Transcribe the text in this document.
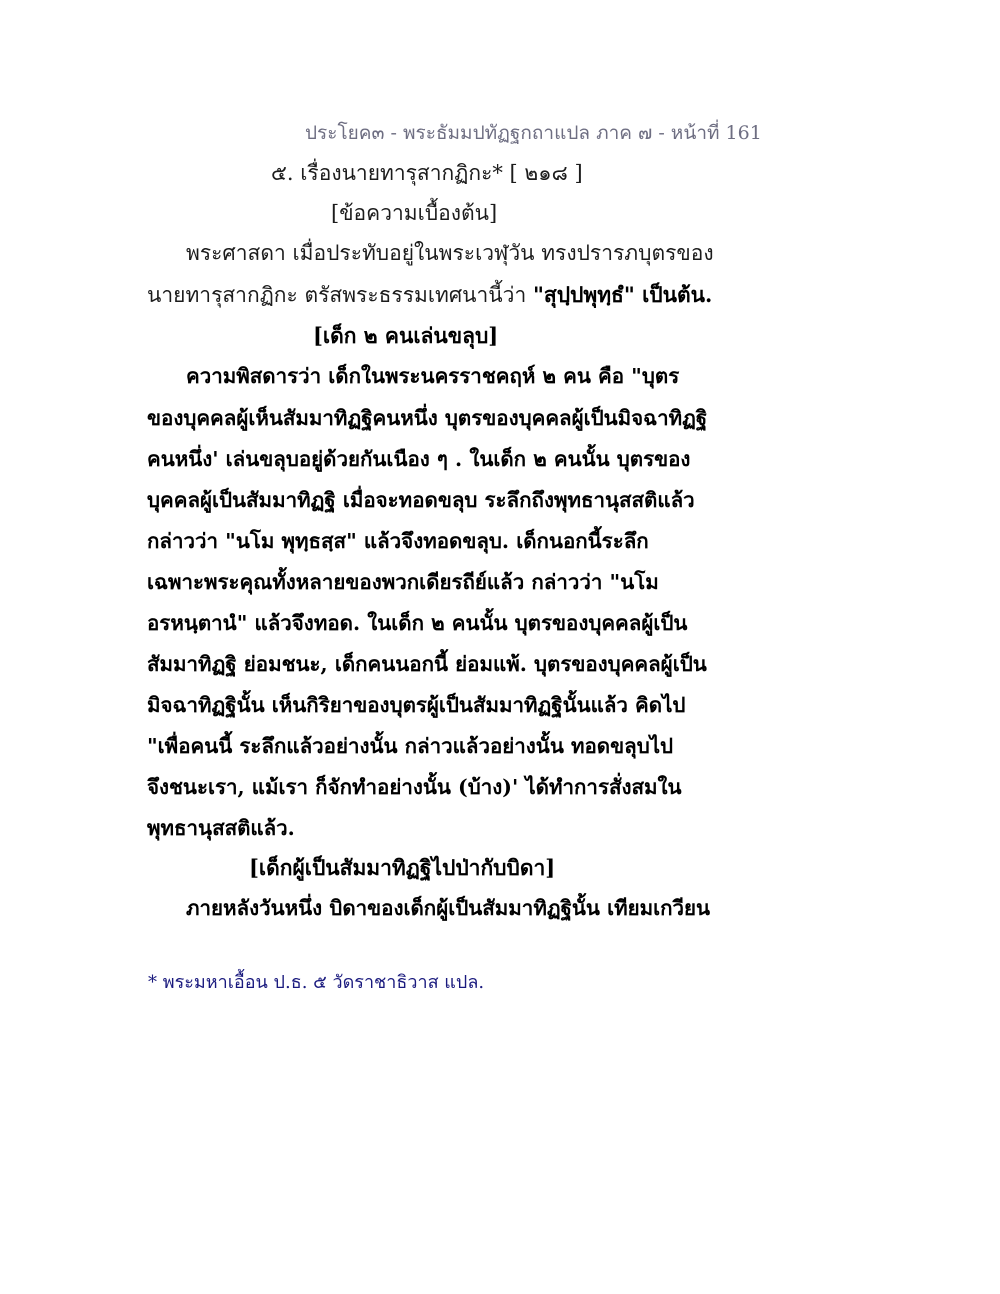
ประโยค๓ - พระธัมมปทัฏฐกถาแปล ภาค ๗ - หน้าที่ 161
๕. เรื่องนายทารุสากฏิกะ* [ ๒๑๘ ]
[ข้อความเบื้องต้น]
พระศาสดา เมื่อประทับอยู่ในพระเวฬุวัน ทรงปรารภบุตรของ
นายทารุสากฏิกะ ตรัสพระธรรมเทศนานี้ว่า "สุปฺปพุทฺธํ" เป็นต้น.
[เด็ก ๒ คนเล่นขลุบ]
ความพิสดารว่า เด็กในพระนครราชคฤห์ ๒ คน คือ "บุตร
ของบุคคลผู้เห็นสัมมาทิฏฐิคนหนึ่ง บุตรของบุคคลผู้เป็นมิจฉาทิฏฐิ
คนหนึ่ง' เล่นขลุบอยู่ด้วยกันเนือง ๆ . ในเด็ก ๒ คนนั้น บุตรของ
บุคคลผู้เป็นสัมมาทิฏฐิ เมื่อจะทอดขลุบ ระลึกถึงพุทธานุสสติแล้ว
กล่าวว่า "นโม พุทฺธสฺส" แล้วจึงทอดขลุบ. เด็กนอกนี้ระลึก
เฉพาะพระคุณทั้งหลายของพวกเดียรถีย์แล้ว กล่าวว่า "นโม
อรหนฺตานํ" แล้วจึงทอด. ในเด็ก ๒ คนนั้น บุตรของบุคคลผู้เป็น
สัมมาทิฏฐิ ย่อมชนะ, เด็กคนนอกนี้ ย่อมแพ้. บุตรของบุคคลผู้เป็น
มิจฉาทิฏฐินั้น เห็นกิริยาของบุตรผู้เป็นสัมมาทิฏฐินั้นแล้ว คิดไป
"เพื่อคนนี้ ระลึกแล้วอย่างนั้น กล่าวแล้วอย่างนั้น ทอดขลุบไป
จึงชนะเรา, แม้เรา ก็จักทำอย่างนั้น (บ้าง)' ได้ทำการสั่งสมใน
พุทธานุสสติแล้ว.
[เด็กผู้เป็นสัมมาทิฏฐิไปป่ากับบิดา]
ภายหลังวันหนึ่ง บิดาของเด็กผู้เป็นสัมมาทิฏฐินั้น เทียมเกวียน
* พระมหาเอื้อน ป.ธ. ๕ วัดราชาธิวาส แปล.
